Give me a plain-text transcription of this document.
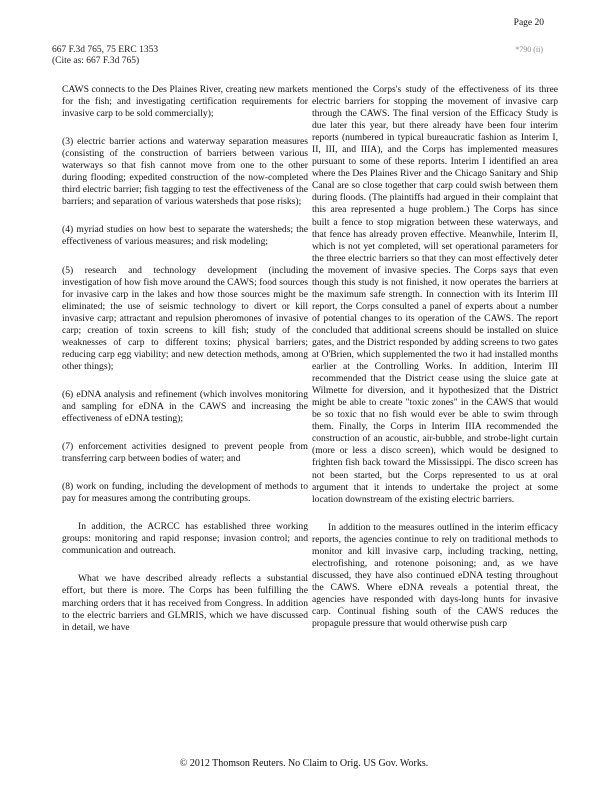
Page 20
667 F.3d 765, 75 ERC 1353
(Cite as: 667 F.3d 765)
*790 (ii)

CAWS connects to the Des Plaines River, creating new markets for the fish; and investigating certification requirements for invasive carp to be sold commercially);

(3) electric barrier actions and waterway separation measures (consisting of the construction of barriers between various waterways so that fish cannot move from one to the other during flooding; expedited construction of the now-completed third electric barrier; fish tagging to test the effectiveness of the barriers; and separation of various watersheds that pose risks);

(4) myriad studies on how best to separate the watersheds; the effectiveness of various measures; and risk modeling;

(5) research and technology development (including investigation of how fish move around the CAWS; food sources for invasive carp in the lakes and how those sources might be eliminated; the use of seismic technology to divert or kill invasive carp; attractant and repulsion pheromones of invasive carp; creation of toxin screens to kill fish; study of the weaknesses of carp to different toxins; physical barriers; reducing carp egg viability; and new detection methods, among other things);

(6) eDNA analysis and refinement (which involves monitoring and sampling for eDNA in the CAWS and increasing the effectiveness of eDNA testing);

(7) enforcement activities designed to prevent people from transferring carp between bodies of water; and

(8) work on funding, including the development of methods to pay for measures among the contributing groups.

In addition, the ACRCC has established three working groups: monitoring and rapid response; invasion control; and communication and outreach.

What we have described already reflects a substantial effort, but there is more. The Corps has been fulfilling the marching orders that it has received from Congress. In addition to the electric barriers and GLMRIS, which we have discussed in detail, we have

mentioned the Corps's study of the effectiveness of its three electric barriers for stopping the movement of invasive carp through the CAWS. The final version of the Efficacy Study is due later this year, but there already have been four interim reports (numbered in typical bureaucratic fashion as Interim I, II, III, and IIIA), and the Corps has implemented measures pursuant to some of these reports. Interim I identified an area where the Des Plaines River and the Chicago Sanitary and Ship Canal are so close together that carp could swish between them during floods. (The plaintiffs had argued in their complaint that this area represented a huge problem.) The Corps has since built a fence to stop migration between these waterways, and that fence has already proven effective. Meanwhile, Interim II, which is not yet completed, will set operational parameters for the three electric barriers so that they can most effectively deter the movement of invasive species. The Corps says that even though this study is not finished, it now operates the barriers at the maximum safe strength. In connection with its Interim III report, the Corps consulted a panel of experts about a number of potential changes to its operation of the CAWS. The report concluded that additional screens should be installed on sluice gates, and the District responded by adding screens to two gates at O'Brien, which supplemented the two it had installed months earlier at the Controlling Works. In addition, Interim III recommended that the District cease using the sluice gate at Wilmette for diversion, and it hypothesized that the District might be able to create "toxic zones" in the CAWS that would be so toxic that no fish would ever be able to swim through them. Finally, the Corps in Interim IIIA recommended the construction of an acoustic, air-bubble, and strobe-light curtain (more or less a disco screen), which would be designed to frighten fish back toward the Mississippi. The disco screen has not been started, but the Corps represented to us at oral argument that it intends to undertake the project at some location downstream of the existing electric barriers.

In addition to the measures outlined in the interim efficacy reports, the agencies continue to rely on traditional methods to monitor and kill invasive carp, including tracking, netting, electrofishing, and rotenone poisoning; and, as we have discussed, they have also continued eDNA testing throughout the CAWS. Where eDNA reveals a potential threat, the agencies have responded with days-long hunts for invasive carp. Continual fishing south of the CAWS reduces the propagule pressure that would otherwise push carp

© 2012 Thomson Reuters. No Claim to Orig. US Gov. Works.
